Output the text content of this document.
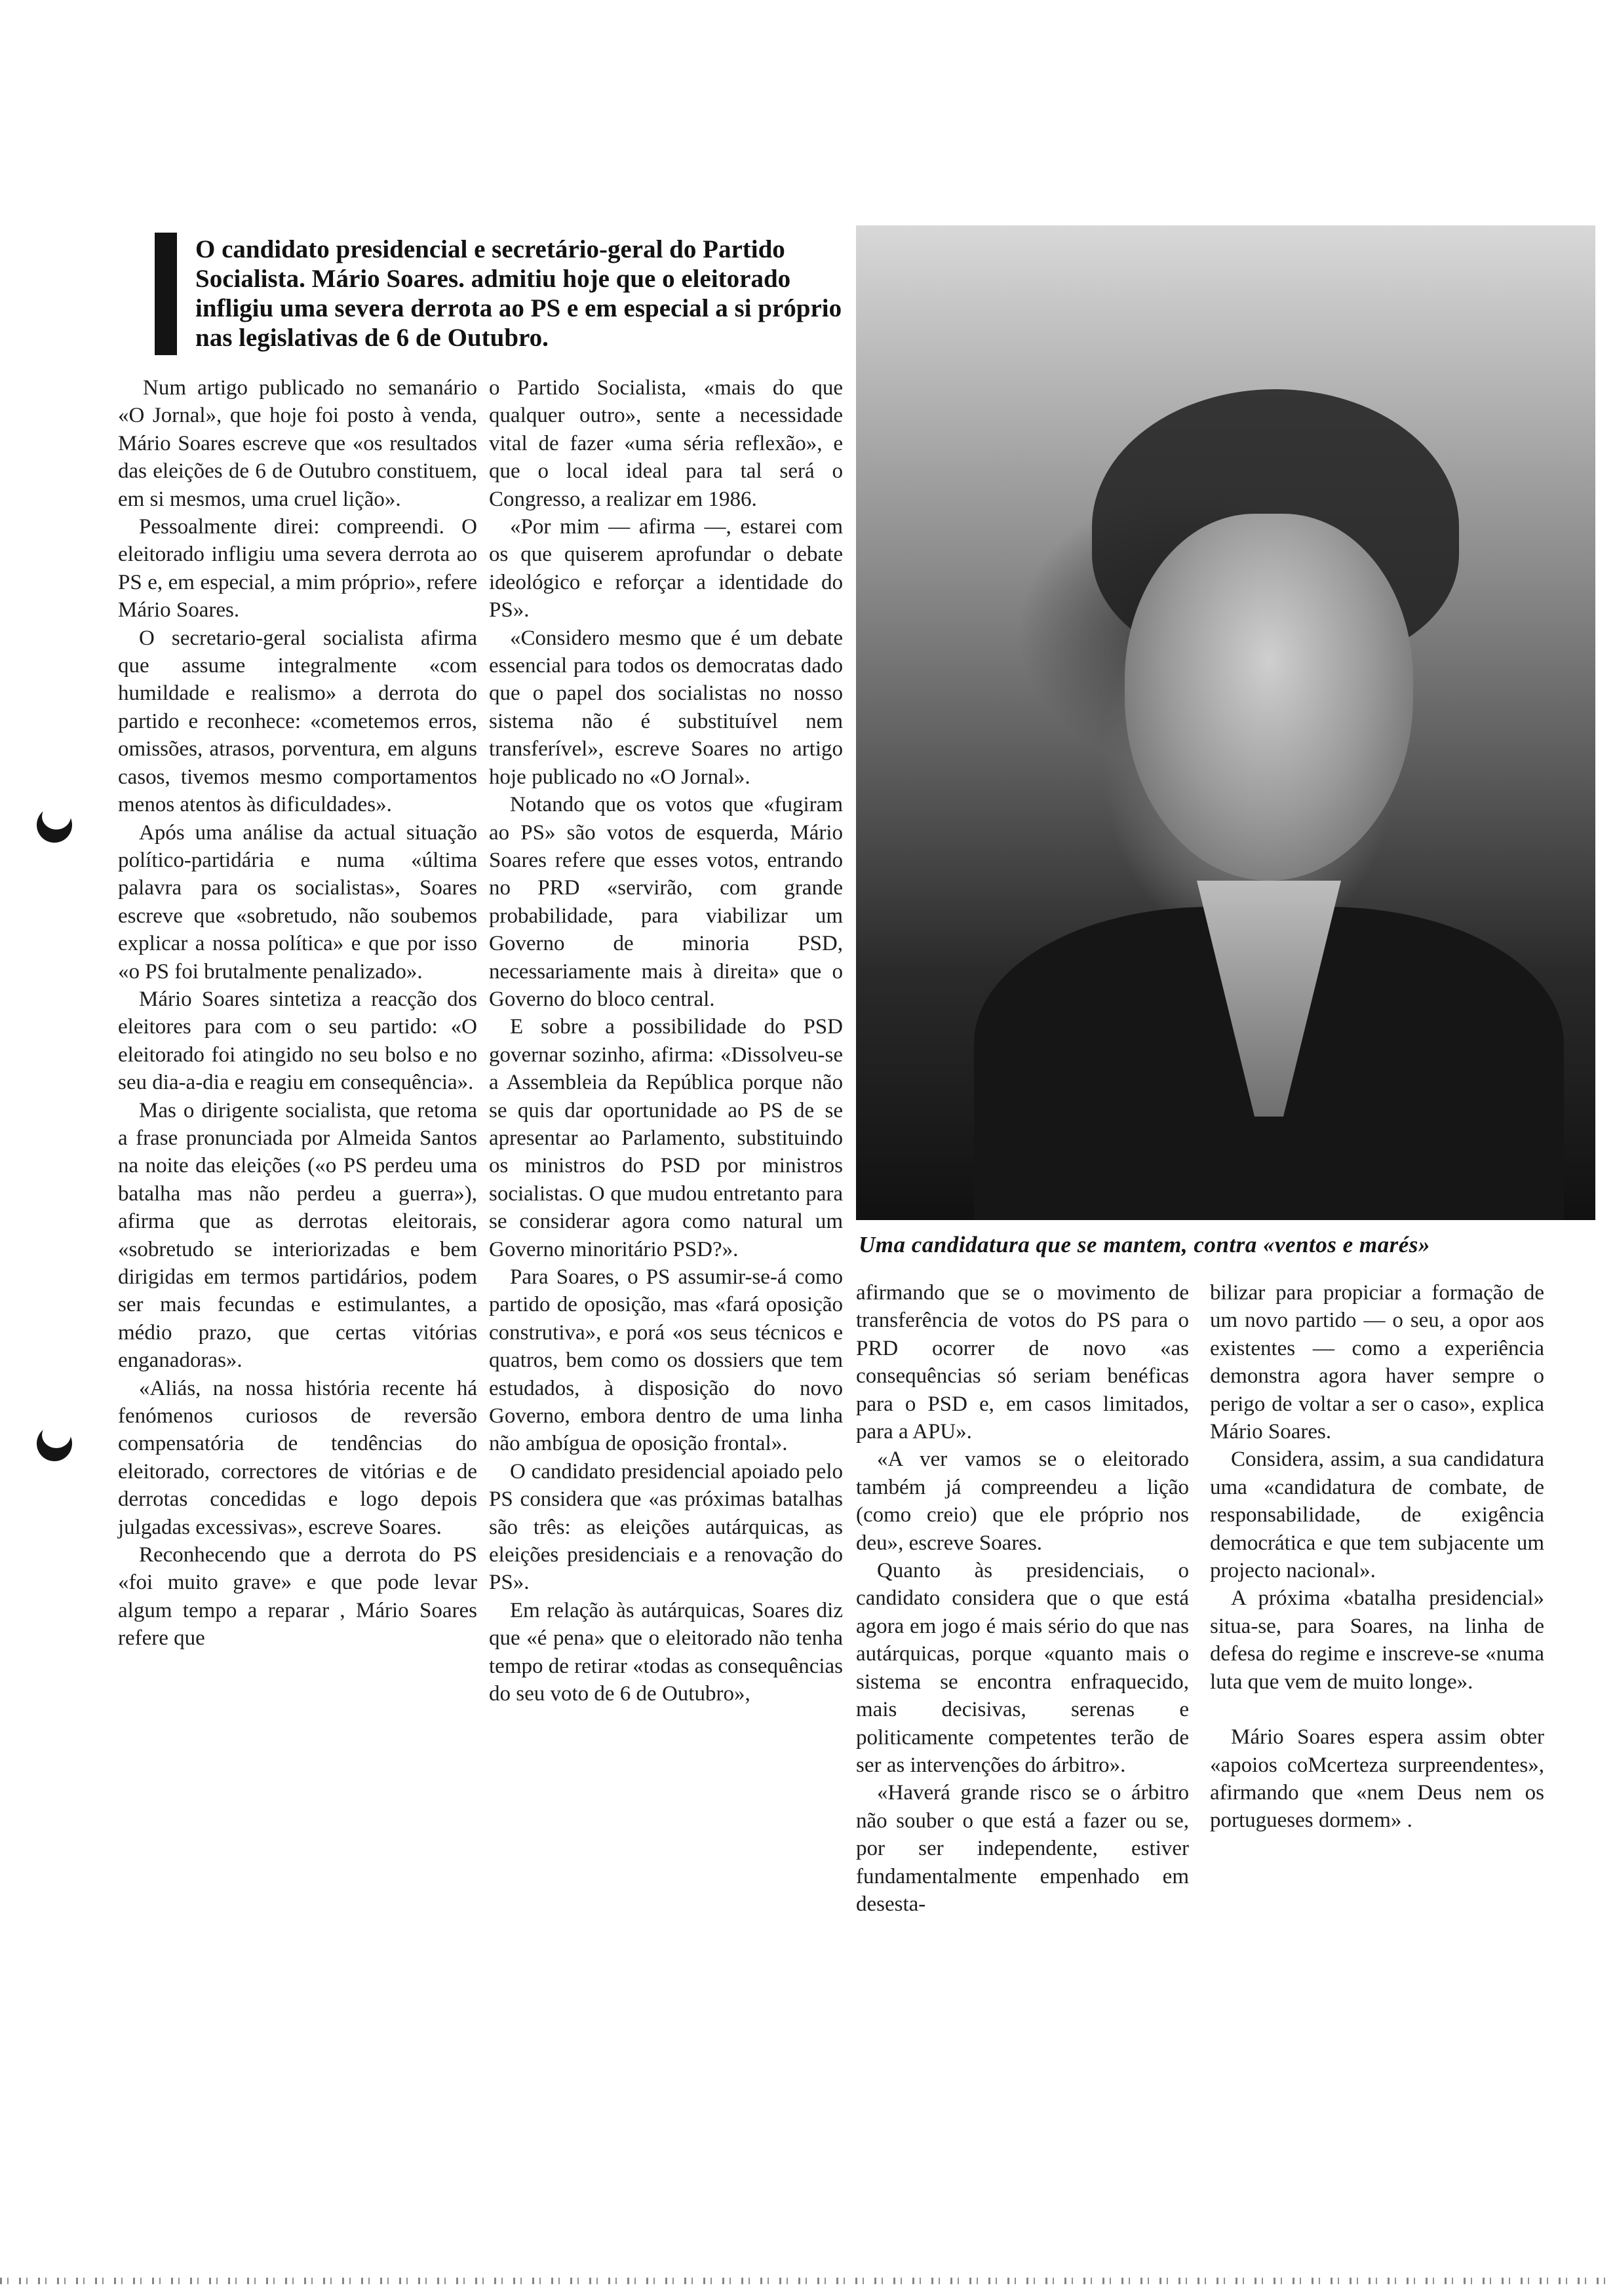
O candidato presidencial e secretário-geral do Partido Socialista. Mário Soares. admitiu hoje que o eleitorado infligiu uma severa derrota ao PS e em especial a si próprio nas legislativas de 6 de Outubro.

Num artigo publicado no semanário «O Jornal», que hoje foi posto à venda, Mário Soares escreve que «os resultados das eleições de 6 de Outubro constituem, em si mesmos, uma cruel lição».

Pessoalmente direi: compreendi. O eleitorado infligiu uma severa derrota ao PS e, em especial, a mim próprio», refere Mário Soares.

O secretario-geral socialista afirma que assume integralmente «com humildade e realismo» a derrota do partido e reconhece: «cometemos erros, omissões, atrasos, porventura, em alguns casos, tivemos mesmo comportamentos menos atentos às dificuldades».

Após uma análise da actual situação político-partidária e numa «última palavra para os socialistas», Soares escreve que «sobretudo, não soubemos explicar a nossa política» e que por isso «o PS foi brutalmente penalizado».

Mário Soares sintetiza a reacção dos eleitores para com o seu partido: «O eleitorado foi atingido no seu bolso e no seu dia-a-dia e reagiu em consequência».

Mas o dirigente socialista, que retoma a frase pronunciada por Almeida Santos na noite das eleições («o PS perdeu uma batalha mas não perdeu a guerra»), afirma que as derrotas eleitorais, «sobretudo se interiorizadas e bem dirigidas em termos partidários, podem ser mais fecundas e estimulantes, a médio prazo, que certas vitórias enganadoras».

«Aliás, na nossa história recente há fenómenos curiosos de reversão compensatória de tendências do eleitorado, correctores de vitórias e de derrotas concedidas e logo depois julgadas excessivas», escreve Soares.

Reconhecendo que a derrota do PS «foi muito grave» e que pode levar algum tempo a reparar , Mário Soares refere que

o Partido Socialista, «mais do que qualquer outro», sente a necessidade vital de fazer «uma séria reflexão», e que o local ideal para tal será o Congresso, a realizar em 1986.

«Por mim — afirma —, estarei com os que quiserem aprofundar o debate ideológico e reforçar a identidade do PS».

«Considero mesmo que é um debate essencial para todos os democratas dado que o papel dos socialistas no nosso sistema não é substituível nem transferível», escreve Soares no artigo hoje publicado no «O Jornal».

Notando que os votos que «fugiram ao PS» são votos de esquerda, Mário Soares refere que esses votos, entrando no PRD «servirão, com grande probabilidade, para viabilizar um Governo de minoria PSD, necessariamente mais à direita» que o Governo do bloco central.

E sobre a possibilidade do PSD governar sozinho, afirma: «Dissolveu-se a Assembleia da República porque não se quis dar oportunidade ao PS de se apresentar ao Parlamento, substituindo os ministros do PSD por ministros socialistas. O que mudou entretanto para se considerar agora como natural um Governo minoritário PSD?».

Para Soares, o PS assumir-se-á como partido de oposição, mas «fará oposição construtiva», e porá «os seus técnicos e quatros, bem como os dossiers que tem estudados, à disposição do novo Governo, embora dentro de uma linha não ambígua de oposição frontal».

O candidato presidencial apoiado pelo PS considera que «as próximas batalhas são três: as eleições autárquicas, as eleições presidenciais e a renovação do PS».

Em relação às autárquicas, Soares diz que «é pena» que o eleitorado não tenha tempo de retirar «todas as consequências do seu voto de 6 de Outubro»,

Uma candidatura que se mantem, contra «ventos e marés»

afirmando que se o movimento de transferência de votos do PS para o PRD ocorrer de novo «as consequências só seriam benéficas para o PSD e, em casos limitados, para a APU».

«A ver vamos se o eleitorado também já compreendeu a lição (como creio) que ele próprio nos deu», escreve Soares.

Quanto às presidenciais, o candidato considera que o que está agora em jogo é mais sério do que nas autárquicas, porque «quanto mais o sistema se encontra enfraquecido, mais decisivas, serenas e politicamente competentes terão de ser as intervenções do árbitro».

«Haverá grande risco se o árbitro não souber o que está a fazer ou se, por ser independente, estiver fundamentalmente empenhado em desesta-

bilizar para propiciar a formação de um novo partido — o seu, a opor aos existentes — como a experiência demonstra agora haver sempre o perigo de voltar a ser o caso», explica Mário Soares.

Considera, assim, a sua candidatura uma «candidatura de combate, de responsabilidade, de exigência democrática e que tem subjacente um projecto nacional».

A próxima «batalha presidencial» situa-se, para Soares, na linha de defesa do regime e inscreve-se «numa luta que vem de muito longe».

Mário Soares espera assim obter «apoios coMcerteza surpreendentes», afirmando que «nem Deus nem os portugueses dormem» .
